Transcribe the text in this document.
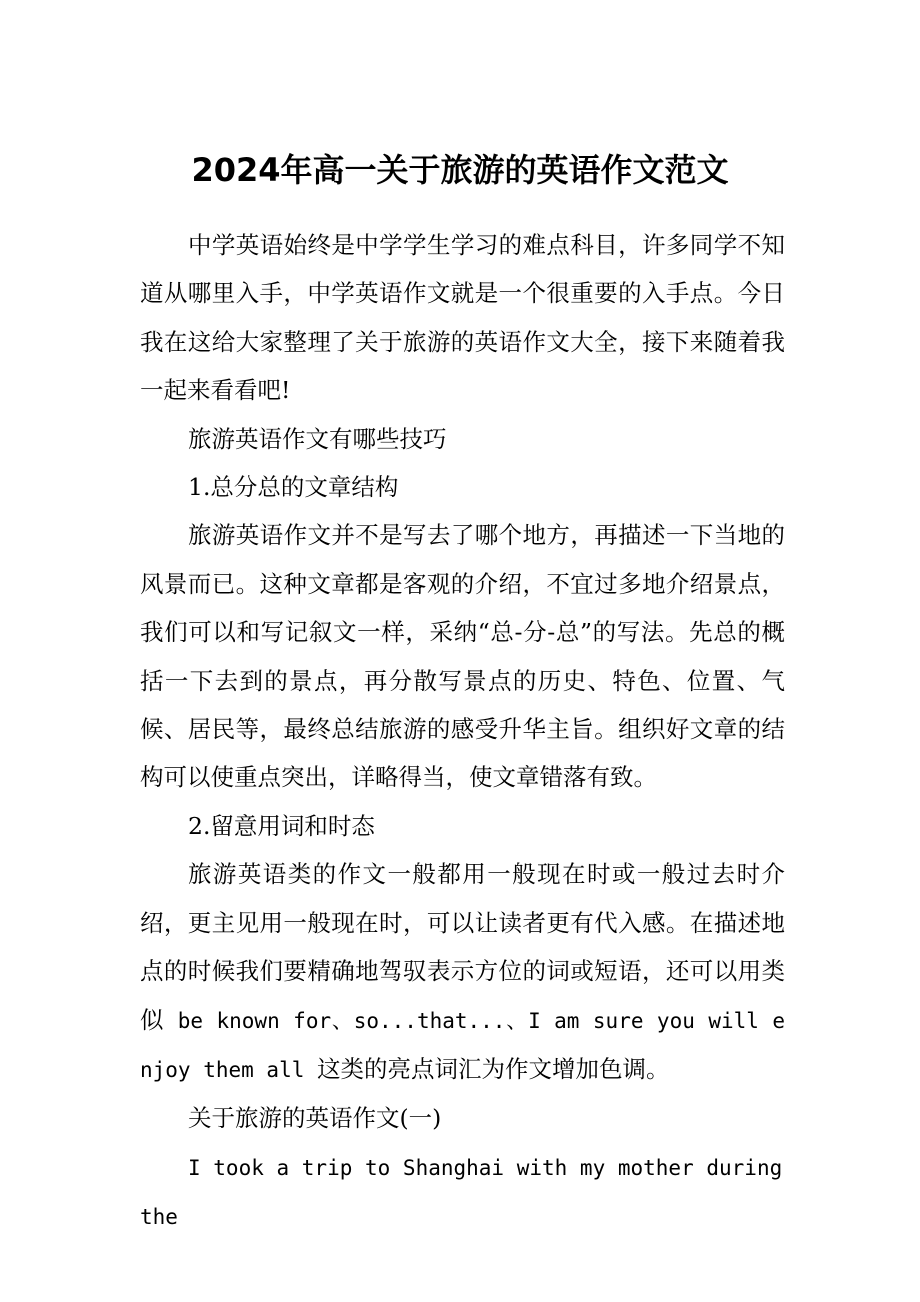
2024年高一关于旅游的英语作文范文

中学英语始终是中学学生学习的难点科目，许多同学不知道从哪里入手，中学英语作文就是一个很重要的入手点。今日我在这给大家整理了关于旅游的英语作文大全，接下来随着我一起来看看吧!

旅游英语作文有哪些技巧

1.总分总的文章结构

旅游英语作文并不是写去了哪个地方，再描述一下当地的风景而已。这种文章都是客观的介绍，不宜过多地介绍景点，我们可以和写记叙文一样，采纳“总-分-总”的写法。先总的概括一下去到的景点，再分散写景点的历史、特色、位置、气候、居民等，最终总结旅游的感受升华主旨。组织好文章的结构可以使重点突出，详略得当，使文章错落有致。

2.留意用词和时态

旅游英语类的作文一般都用一般现在时或一般过去时介绍，更主见用一般现在时，可以让读者更有代入感。在描述地点的时候我们要精确地驾驭表示方位的词或短语，还可以用类似 be known for、so...that...、I am sure you will enjoy them all 这类的亮点词汇为作文增加色调。

关于旅游的英语作文(一)

I took a trip to Shanghai with my mother during the
